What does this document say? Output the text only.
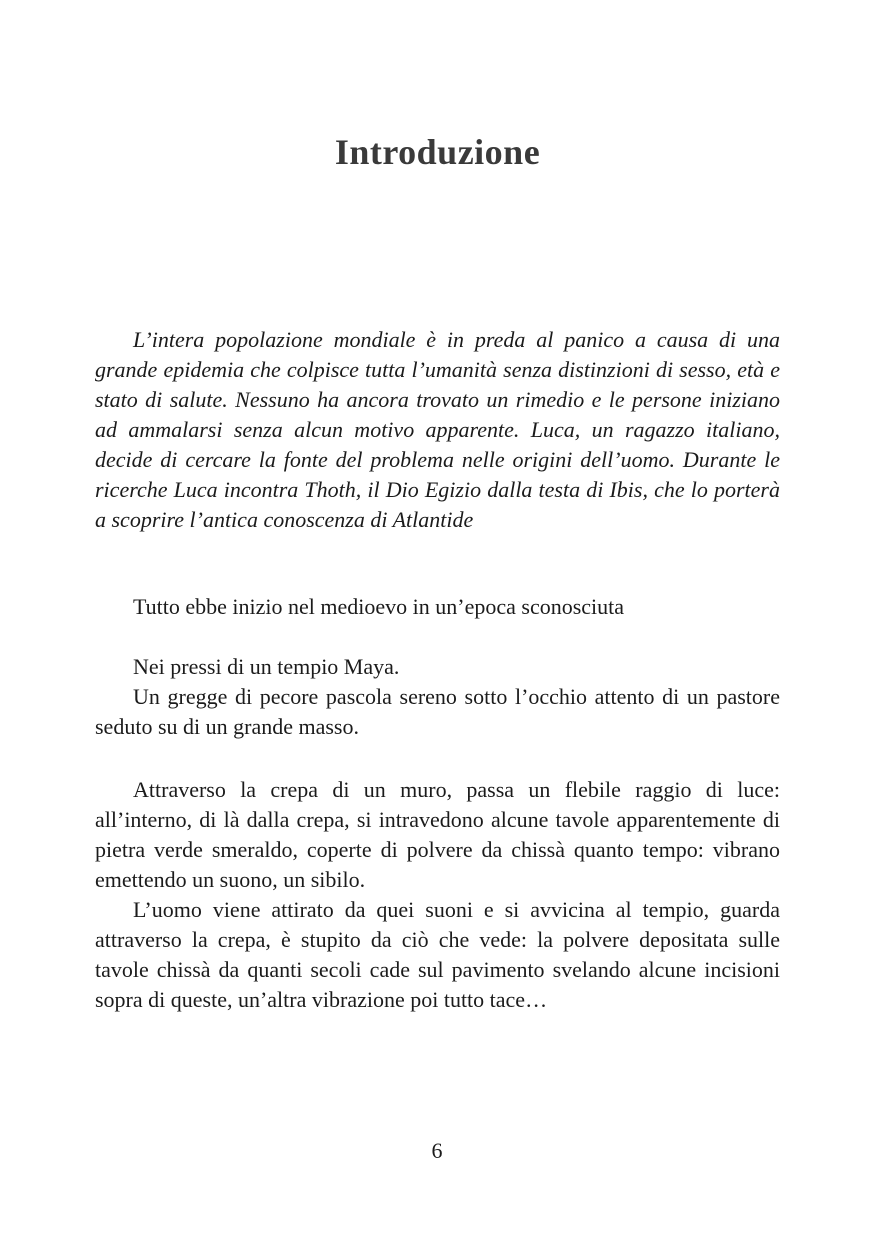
Introduzione

L’intera popolazione mondiale è in preda al panico a causa di una grande epidemia che colpisce tutta l’umanità senza distinzioni di sesso, età e stato di salute. Nessuno ha ancora trovato un rimedio e le persone iniziano ad ammalarsi senza alcun motivo apparente. Luca, un ragazzo italiano, decide di cercare la fonte del problema nelle origini dell’uomo. Durante le ricerche Luca incontra Thoth, il Dio Egizio dalla testa di Ibis, che lo porterà a scoprire l’antica conoscenza di Atlantide

Tutto ebbe inizio nel medioevo in un’epoca sconosciuta

Nei pressi di un tempio Maya.

Un gregge di pecore pascola sereno sotto l’occhio attento di un pastore seduto su di un grande masso.

Attraverso la crepa di un muro, passa un flebile raggio di luce: all’interno, di là dalla crepa, si intravedono alcune tavole apparentemente di pietra verde smeraldo, coperte di polvere da chissà quanto tempo: vibrano emettendo un suono, un sibilo.

L’uomo viene attirato da quei suoni e si avvicina al tempio, guarda attraverso la crepa, è stupito da ciò che vede: la polvere depositata sulle tavole chissà da quanti secoli cade sul pavimento svelando alcune incisioni sopra di queste, un’altra vibrazione poi tutto tace…

6
